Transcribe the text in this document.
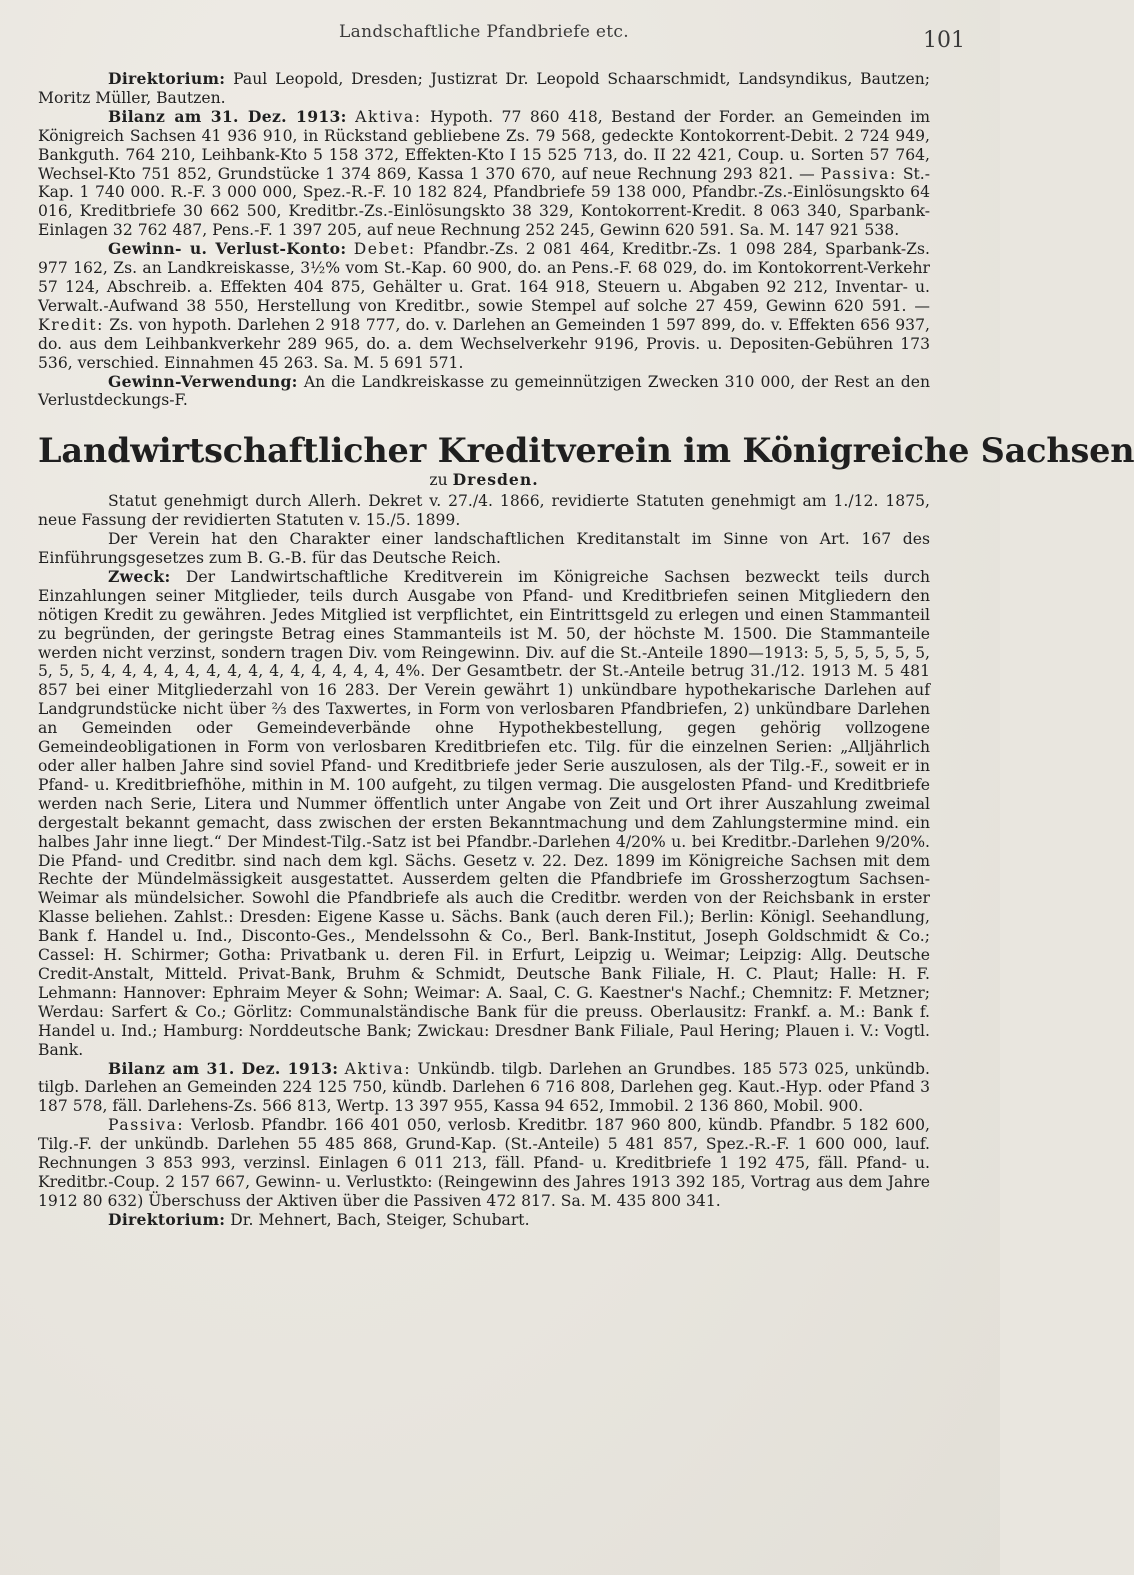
Landschaftliche Pfandbriefe etc.	101

Direktorium: Paul Leopold, Dresden; Justizrat Dr. Leopold Schaarschmidt, Landsyndikus, Bautzen; Moritz Müller, Bautzen.

Bilanz am 31. Dez. 1913: Aktiva: Hypoth. 77 860 418, Bestand der Forder. an Gemeinden im Königreich Sachsen 41 936 910, in Rückstand gebliebene Zs. 79 568, gedeckte Kontokorrent-Debit. 2 724 949, Bankguth. 764 210, Leihbank-Kto 5 158 372, Effekten-Kto I 15 525 713, do. II 22 421, Coup. u. Sorten 57 764, Wechsel-Kto 751 852, Grundstücke 1 374 869, Kassa 1 370 670, auf neue Rechnung 293 821. — Passiva: St.-Kap. 1 740 000. R.-F. 3 000 000, Spez.-R.-F. 10 182 824, Pfandbriefe 59 138 000, Pfandbr.-Zs.-Einlösungskto 64 016, Kreditbriefe 30 662 500, Kreditbr.-Zs.-Einlösungskto 38 329, Kontokorrent-Kredit. 8 063 340, Sparbank-Einlagen 32 762 487, Pens.-F. 1 397 205, auf neue Rechnung 252 245, Gewinn 620 591. Sa. M. 147 921 538.

Gewinn- u. Verlust-Konto: Debet: Pfandbr.-Zs. 2 081 464, Kreditbr.-Zs. 1 098 284, Sparbank-Zs. 977 162, Zs. an Landkreiskasse, 3½% vom St.-Kap. 60 900, do. an Pens.-F. 68 029, do. im Kontokorrent-Verkehr 57 124, Abschreib. a. Effekten 404 875, Gehälter u. Grat. 164 918, Steuern u. Abgaben 92 212, Inventar- u. Verwalt.-Aufwand 38 550, Herstellung von Kreditbr., sowie Stempel auf solche 27 459, Gewinn 620 591. — Kredit: Zs. von hypoth. Darlehen 2 918 777, do. v. Darlehen an Gemeinden 1 597 899, do. v. Effekten 656 937, do. aus dem Leihbankverkehr 289 965, do. a. dem Wechselverkehr 9196, Provis. u. Depositen-Gebühren 173 536, verschied. Einnahmen 45 263. Sa. M. 5 691 571.

Gewinn-Verwendung: An die Landkreiskasse zu gemeinnützigen Zwecken 310 000, der Rest an den Verlustdeckungs-F.

Landwirtschaftlicher Kreditverein im Königreiche Sachsen
zu Dresden.

Statut genehmigt durch Allerh. Dekret v. 27./4. 1866, revidierte Statuten genehmigt am 1./12. 1875, neue Fassung der revidierten Statuten v. 15./5. 1899.

Der Verein hat den Charakter einer landschaftlichen Kreditanstalt im Sinne von Art. 167 des Einführungsgesetzes zum B. G.-B. für das Deutsche Reich.

Zweck: Der Landwirtschaftliche Kreditverein im Königreiche Sachsen bezweckt teils durch Einzahlungen seiner Mitglieder, teils durch Ausgabe von Pfand- und Kreditbriefen seinen Mitgliedern den nötigen Kredit zu gewähren. Jedes Mitglied ist verpflichtet, ein Eintrittsgeld zu erlegen und einen Stammanteil zu begründen, der geringste Betrag eines Stammanteils ist M. 50, der höchste M. 1500. Die Stammanteile werden nicht verzinst, sondern tragen Div. vom Reingewinn. Div. auf die St.-Anteile 1890—1913: 5, 5, 5, 5, 5, 5, 5, 5, 5, 4, 4, 4, 4, 4, 4, 4, 4, 4, 4, 4, 4, 4, 4, 4%. Der Gesamtbetr. der St.-Anteile betrug 31./12. 1913 M. 5 481 857 bei einer Mitgliederzahl von 16 283. Der Verein gewährt 1) unkündbare hypothekarische Darlehen auf Landgrundstücke nicht über ⅔ des Taxwertes, in Form von verlosbaren Pfandbriefen, 2) unkündbare Darlehen an Gemeinden oder Gemeindeverbände ohne Hypothekbestellung, gegen gehörig vollzogene Gemeindeobligationen in Form von verlosbaren Kreditbriefen etc. Tilg. für die einzelnen Serien: „Alljährlich oder aller halben Jahre sind soviel Pfand- und Kreditbriefe jeder Serie auszulosen, als der Tilg.-F., soweit er in Pfand- u. Kreditbriefhöhe, mithin in M. 100 aufgeht, zu tilgen vermag. Die ausgelosten Pfand- und Kreditbriefe werden nach Serie, Litera und Nummer öffentlich unter Angabe von Zeit und Ort ihrer Auszahlung zweimal dergestalt bekannt gemacht, dass zwischen der ersten Bekanntmachung und dem Zahlungstermine mind. ein halbes Jahr inne liegt.“ Der Mindest-Tilg.-Satz ist bei Pfandbr.-Darlehen 4/20% u. bei Kreditbr.-Darlehen 9/20%. Die Pfand- und Creditbr. sind nach dem kgl. Sächs. Gesetz v. 22. Dez. 1899 im Königreiche Sachsen mit dem Rechte der Mündelmässigkeit ausgestattet. Ausserdem gelten die Pfandbriefe im Grossherzogtum Sachsen-Weimar als mündelsicher. Sowohl die Pfandbriefe als auch die Creditbr. werden von der Reichsbank in erster Klasse beliehen. Zahlst.: Dresden: Eigene Kasse u. Sächs. Bank (auch deren Fil.); Berlin: Königl. Seehandlung, Bank f. Handel u. Ind., Disconto-Ges., Mendelssohn & Co., Berl. Bank-Institut, Joseph Goldschmidt & Co.; Cassel: H. Schirmer; Gotha: Privatbank u. deren Fil. in Erfurt, Leipzig u. Weimar; Leipzig: Allg. Deutsche Credit-Anstalt, Mitteld. Privat-Bank, Bruhm & Schmidt, Deutsche Bank Filiale, H. C. Plaut; Halle: H. F. Lehmann: Hannover: Ephraim Meyer & Sohn; Weimar: A. Saal, C. G. Kaestner's Nachf.; Chemnitz: F. Metzner; Werdau: Sarfert & Co.; Görlitz: Communalständische Bank für die preuss. Oberlausitz: Frankf. a. M.: Bank f. Handel u. Ind.; Hamburg: Norddeutsche Bank; Zwickau: Dresdner Bank Filiale, Paul Hering; Plauen i. V.: Vogtl. Bank.

Bilanz am 31. Dez. 1913: Aktiva: Unkündb. tilgb. Darlehen an Grundbes. 185 573 025, unkündb. tilgb. Darlehen an Gemeinden 224 125 750, kündb. Darlehen 6 716 808, Darlehen geg. Kaut.-Hyp. oder Pfand 3 187 578, fäll. Darlehens-Zs. 566 813, Wertp. 13 397 955, Kassa 94 652, Immobil. 2 136 860, Mobil. 900.

Passiva: Verlosb. Pfandbr. 166 401 050, verlosb. Kreditbr. 187 960 800, kündb. Pfandbr. 5 182 600, Tilg.-F. der unkündb. Darlehen 55 485 868, Grund-Kap. (St.-Anteile) 5 481 857, Spez.-R.-F. 1 600 000, lauf. Rechnungen 3 853 993, verzinsl. Einlagen 6 011 213, fäll. Pfand- u. Kreditbriefe 1 192 475, fäll. Pfand- u. Kreditbr.-Coup. 2 157 667, Gewinn- u. Verlustkto: (Reingewinn des Jahres 1913 392 185, Vortrag aus dem Jahre 1912 80 632) Überschuss der Aktiven über die Passiven 472 817. Sa. M. 435 800 341.

Direktorium: Dr. Mehnert, Bach, Steiger, Schubart.
